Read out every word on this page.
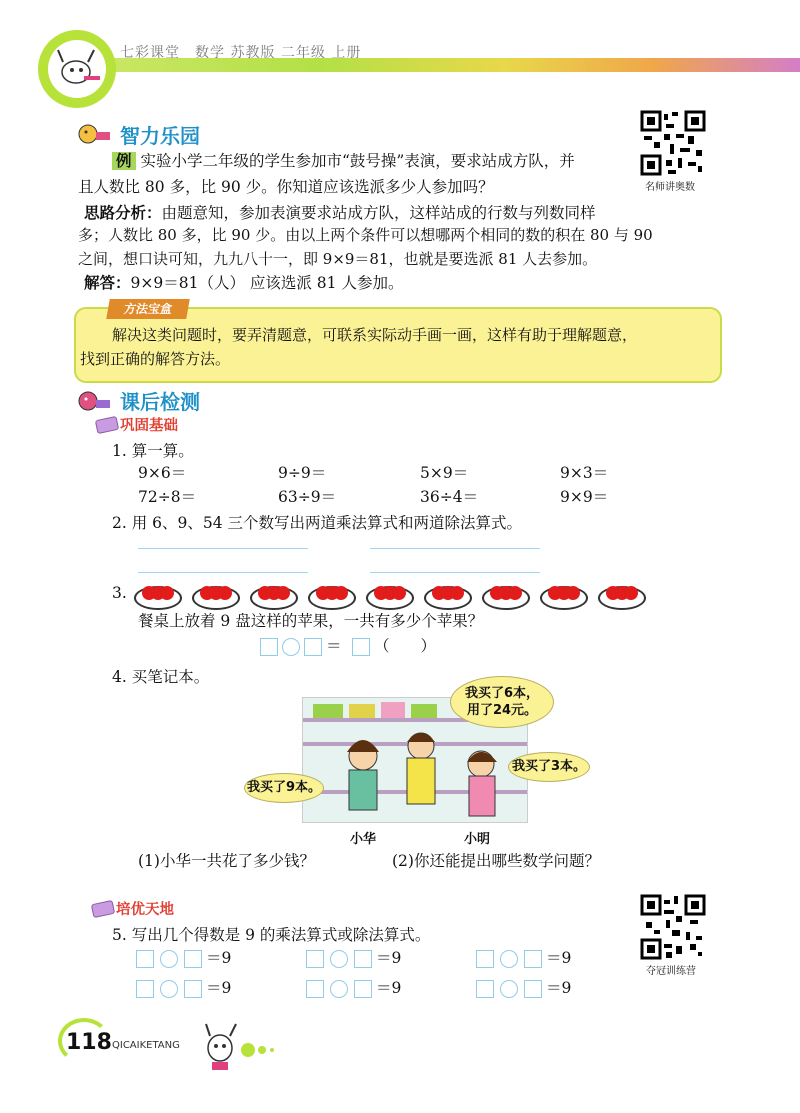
七彩课堂　数学 苏教版 二年级 上册
智力乐园
名师讲奥数
例 实验小学二年级的学生参加市“鼓号操”表演，要求站成方队，并
且人数比 80 多，比 90 少。你知道应该选派多少人参加吗？
思路分析：由题意知，参加表演要求站成方队，这样站成的行数与列数同样
多；人数比 80 多，比 90 少。由以上两个条件可以想哪两个相同的数的积在 80 与 90
之间，想口诀可知，九九八十一，即 9×9＝81，也就是要选派 81 人去参加。
解答：9×9＝81（人） 应该选派 81 人参加。
方法宝盒
解决这类问题时，要弄清题意，可联系实际动手画一画，这样有助于理解题意，
找到正确的解答方法。
课后检测
巩固基础
1. 算一算。
9×6＝	9÷9＝	5×9＝	9×3＝
72÷8＝	63÷9＝	36÷4＝	9×9＝
2. 用 6、9、54 三个数写出两道乘法算式和两道除法算式。
3.
餐桌上放着 9 盘这样的苹果，一共有多少个苹果？
＝ （　　）
4. 买笔记本。
我买了6本，
用了24元。
我买了9本。
我买了3本。
小华	小明
(1)小华一共花了多少钱？	(2)你还能提出哪些数学问题？
培优天地
夺冠训练营
5. 写出几个得数是 9 的乘法算式或除法算式。
＝9	＝9	＝9
＝9	＝9	＝9
118 QICAIKETANG
